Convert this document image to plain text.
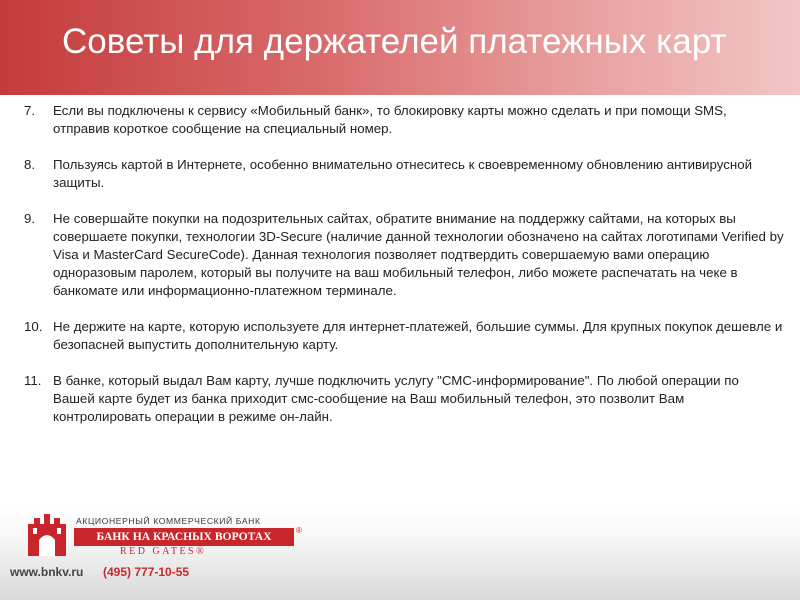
Советы для держателей платежных карт
7. Если вы подключены к сервису «Мобильный банк», то блокировку карты можно сделать и при помощи SMS, отправив короткое сообщение на специальный номер.
8. Пользуясь картой в Интернете, особенно внимательно отнеситесь к своевременному обновлению антивирусной защиты.
9. Не совершайте покупки на подозрительных сайтах, обратите внимание на поддержку сайтами, на которых вы совершаете покупки, технологии 3D-Secure (наличие данной технологии обозначено на сайтах логотипами Verified by Visa и MasterCard SecureCode). Данная технология позволяет подтвердить совершаемую вами операцию одноразовым паролем, который вы получите на ваш мобильный телефон, либо можете распечатать на чеке в банкомате или информационно-платежном терминале.
10. Не держите на карте, которую используете для интернет-платежей, большие суммы. Для крупных покупок дешевле и безопасней выпустить дополнительную карту.
11. В банке, который выдал Вам карту, лучше подключить услугу "СМС-информирование". По любой операции по Вашей карте будет из банка приходит смс-сообщение на Ваш мобильный телефон, это позволит Вам контролировать операции в режиме он-лайн.
АКЦИОНЕРНЫЙ КОММЕРЧЕСКИЙ БАНК
БАНК НА КРАСНЫХ ВОРОТАХ
RED GATES®
®
www.bnkv.ru (495) 777-10-55
